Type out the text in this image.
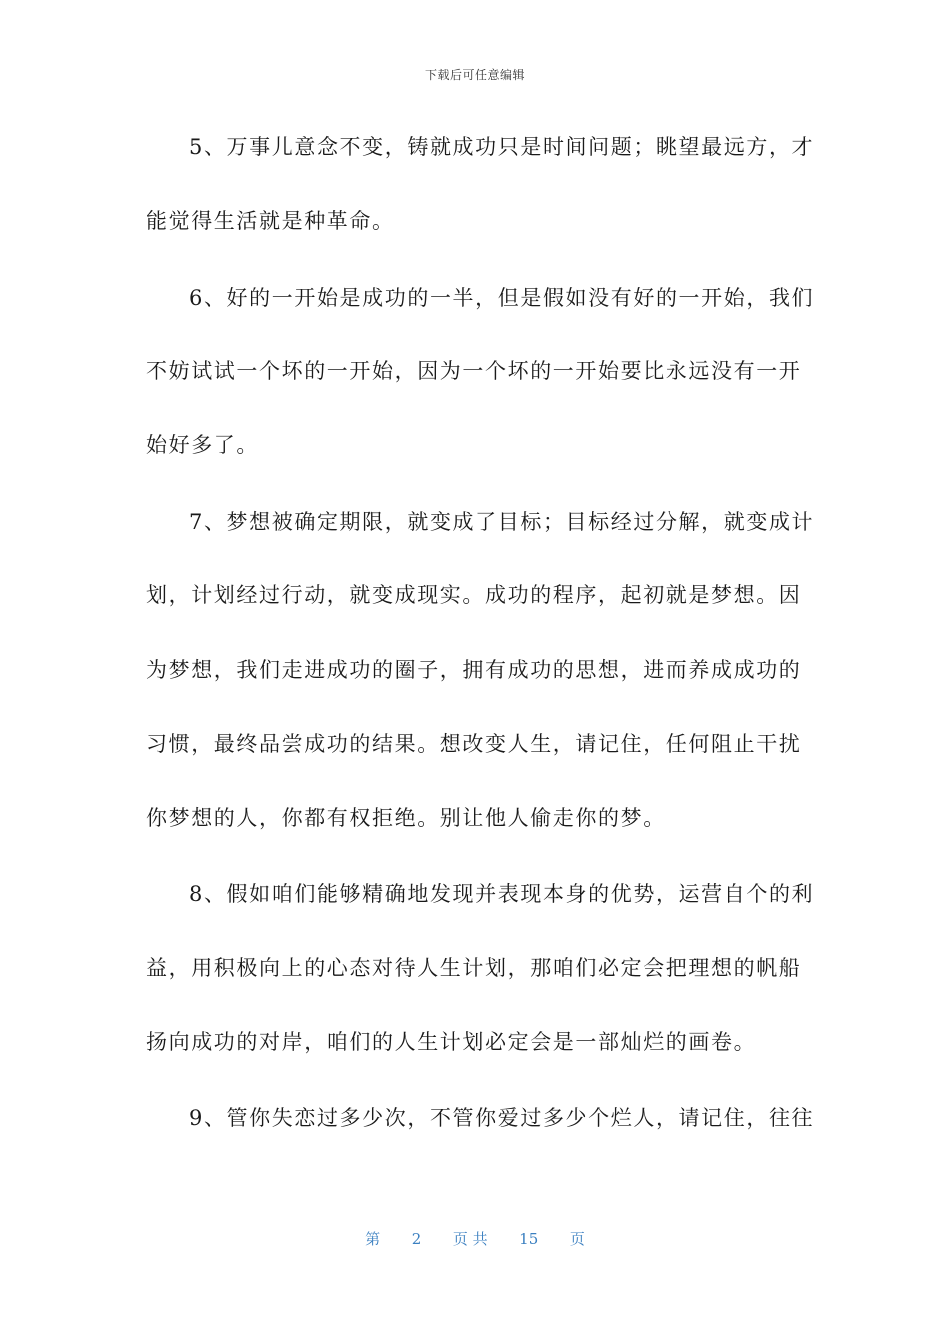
下载后可任意编辑
5、万事儿意念不变，铸就成功只是时间问题；眺望最远方，才
能觉得生活就是种革命。
6、好的一开始是成功的一半，但是假如没有好的一开始，我们
不妨试试一个坏的一开始，因为一个坏的一开始要比永远没有一开
始好多了。
7、梦想被确定期限，就变成了目标；目标经过分解，就变成计
划，计划经过行动，就变成现实。成功的程序，起初就是梦想。因
为梦想，我们走进成功的圈子，拥有成功的思想，进而养成成功的
习惯，最终品尝成功的结果。想改变人生，请记住，任何阻止干扰
你梦想的人，你都有权拒绝。别让他人偷走你的梦。
8、假如咱们能够精确地发现并表现本身的优势，运营自个的利
益，用积极向上的心态对待人生计划，那咱们必定会把理想的帆船
扬向成功的对岸，咱们的人生计划必定会是一部灿烂的画卷。
9、管你失恋过多少次，不管你爱过多少个烂人，请记住，往往
第 2 页 共 15 页
